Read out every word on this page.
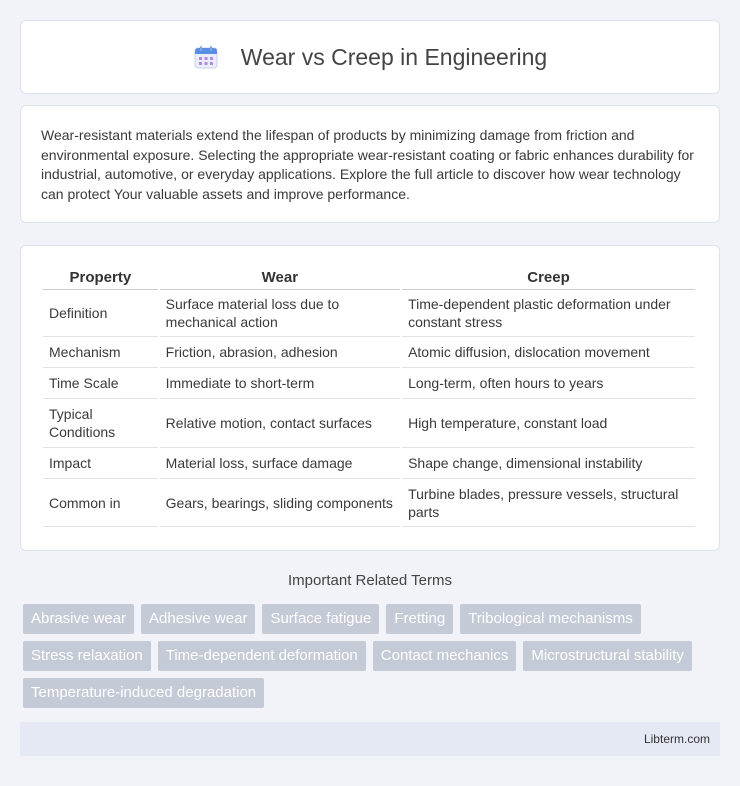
Wear vs Creep in Engineering

Wear-resistant materials extend the lifespan of products by minimizing damage from friction and environmental exposure. Selecting the appropriate wear-resistant coating or fabric enhances durability for industrial, automotive, or everyday applications. Explore the full article to discover how wear technology can protect Your valuable assets and improve performance.

Property	Wear	Creep
Definition	Surface material loss due to mechanical action	Time-dependent plastic deformation under constant stress
Mechanism	Friction, abrasion, adhesion	Atomic diffusion, dislocation movement
Time Scale	Immediate to short-term	Long-term, often hours to years
Typical Conditions	Relative motion, contact surfaces	High temperature, constant load
Impact	Material loss, surface damage	Shape change, dimensional instability
Common in	Gears, bearings, sliding components	Turbine blades, pressure vessels, structural parts
Important Related Terms
Abrasive wear	Adhesive wear	Surface fatigue	Fretting	Tribological mechanisms
Stress relaxation	Time-dependent deformation	Contact mechanics	Microstructural stability
Temperature-induced degradation
Libterm.com
